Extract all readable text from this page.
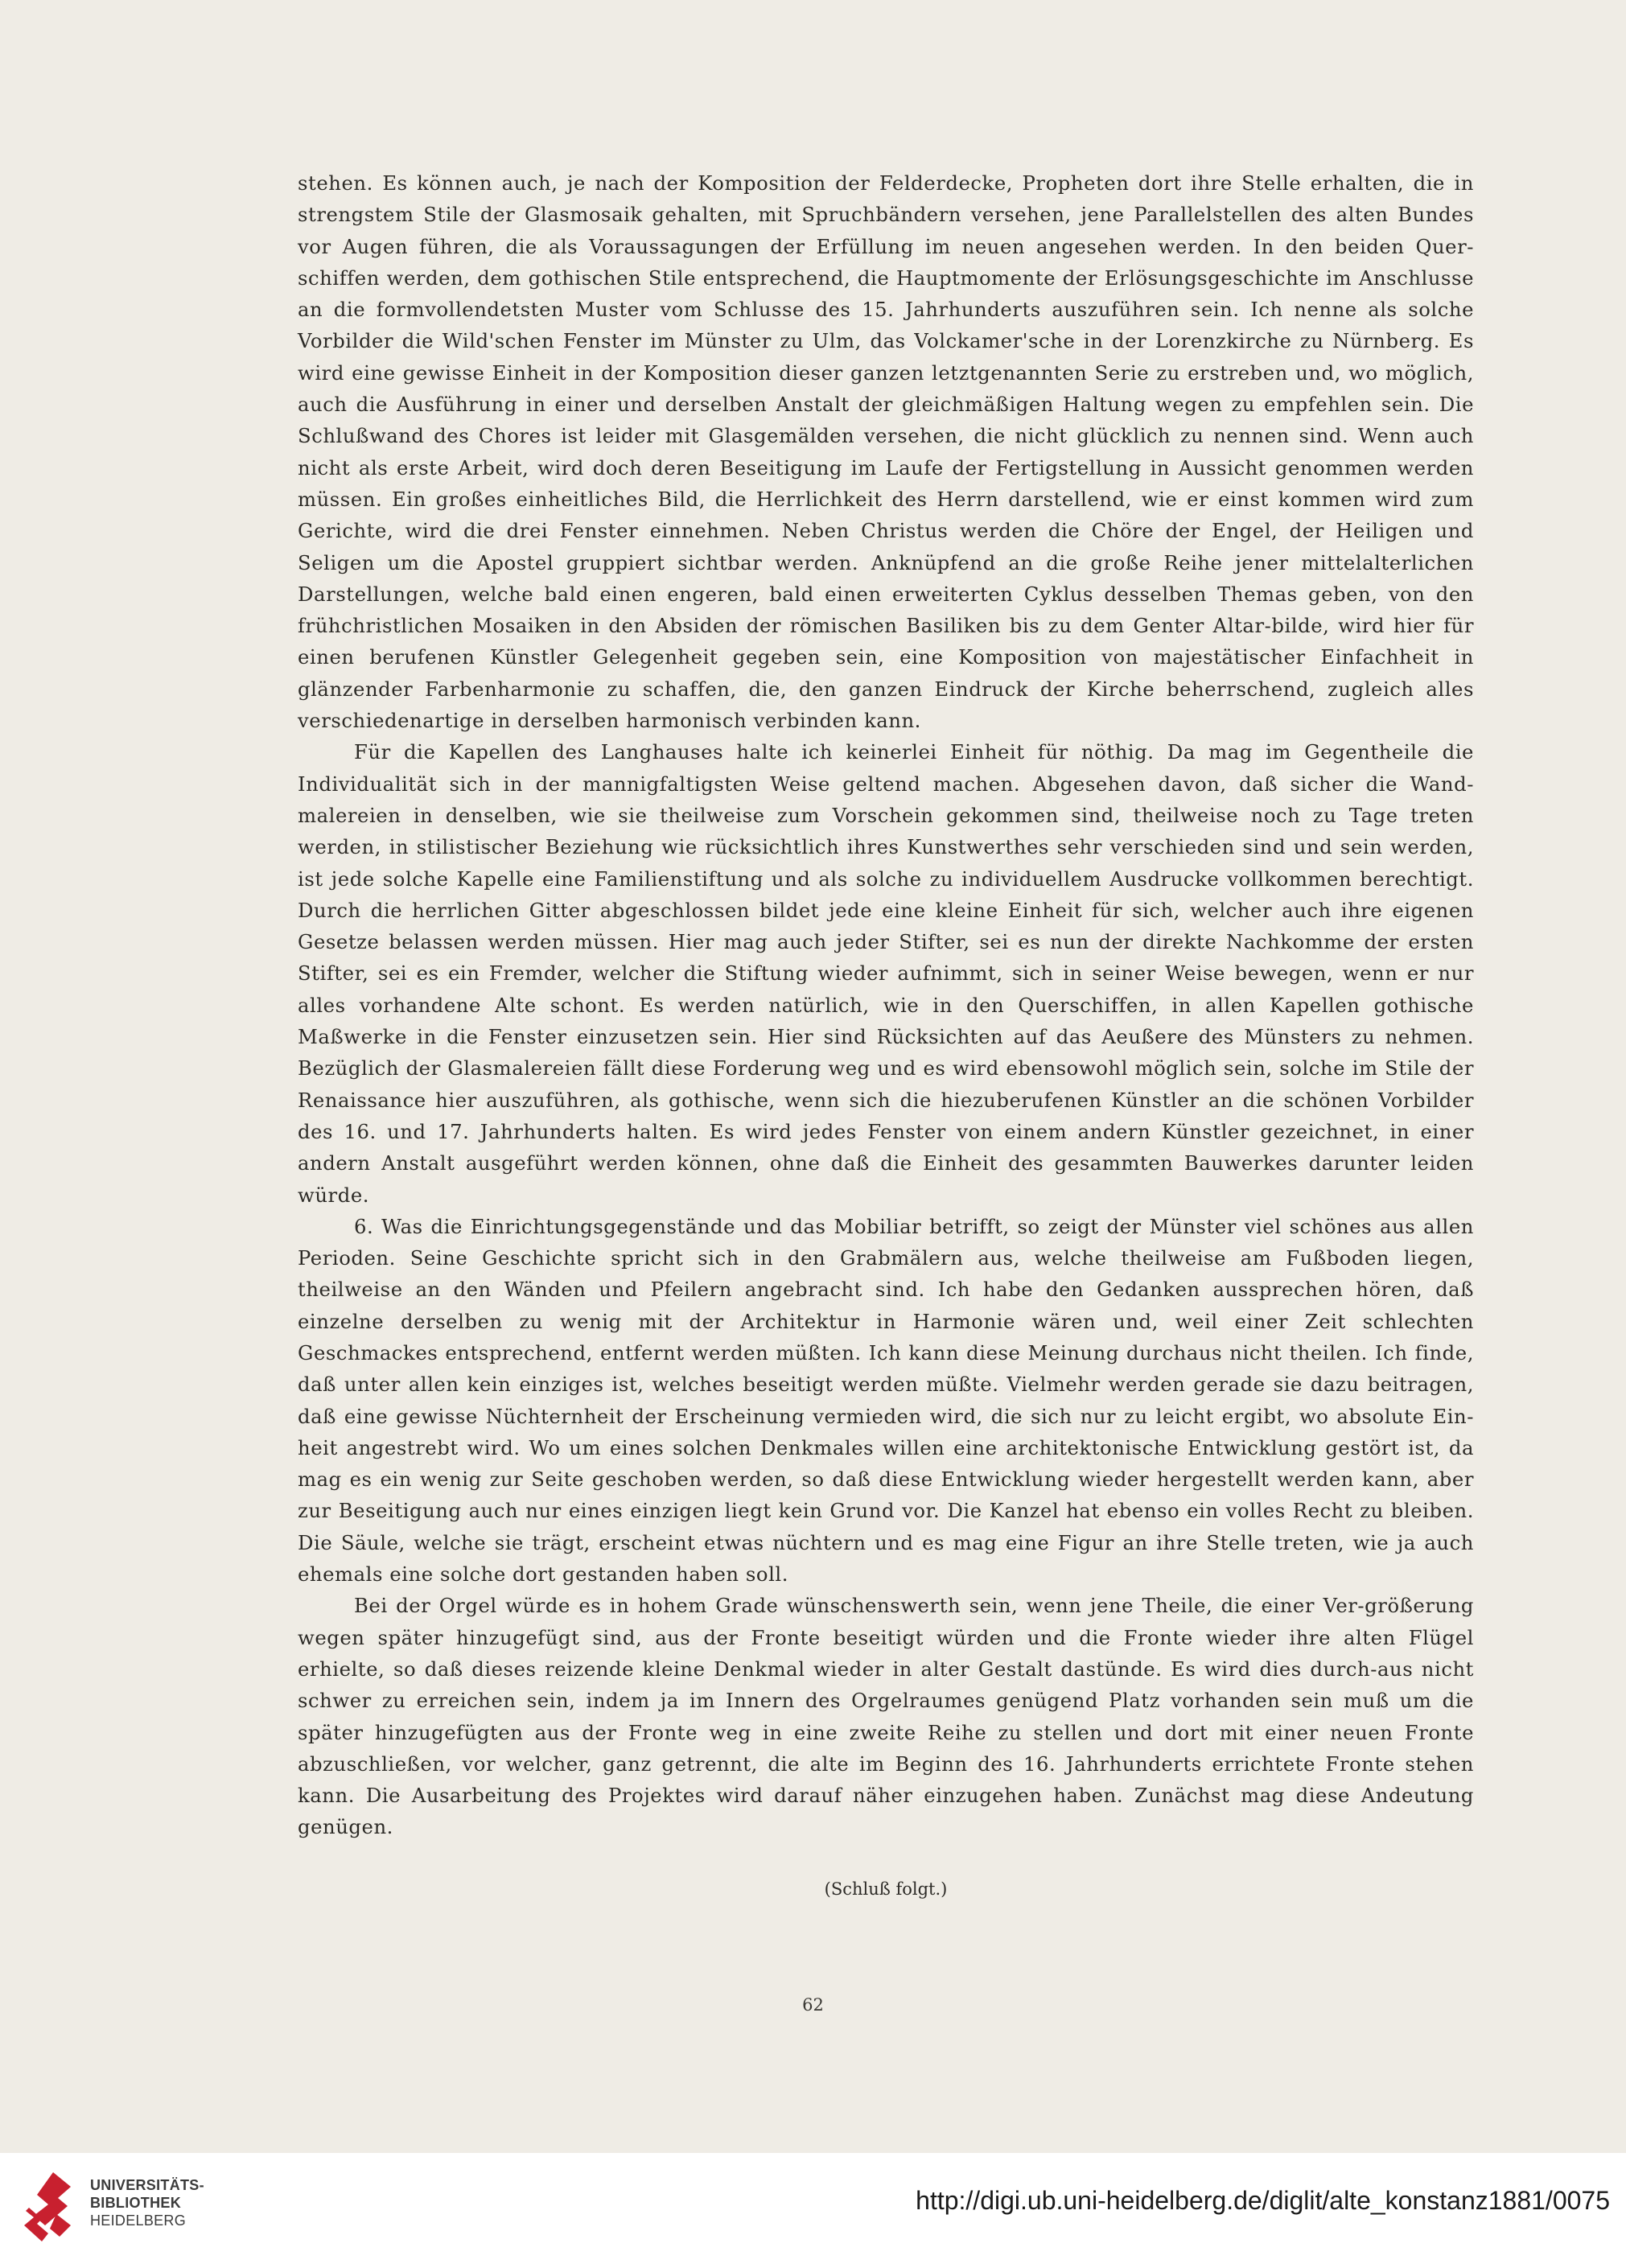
stehen. Es können auch, je nach der Komposition der Felderdecke, Propheten dort ihre Stelle erhalten, die in strengstem Stile der Glasmosaik gehalten, mit Spruchbändern versehen, jene Parallelstellen des alten Bundes vor Augen führen, die als Voraussagungen der Erfüllung im neuen angesehen werden. In den beiden Quer-schiffen werden, dem gothischen Stile entsprechend, die Hauptmomente der Erlösungsgeschichte im Anschlusse an die formvollendetsten Muster vom Schlusse des 15. Jahrhunderts auszuführen sein. Ich nenne als solche Vorbilder die Wild'schen Fenster im Münster zu Ulm, das Volckamer'sche in der Lorenzkirche zu Nürnberg. Es wird eine gewisse Einheit in der Komposition dieser ganzen letztgenannten Serie zu erstreben und, wo möglich, auch die Ausführung in einer und derselben Anstalt der gleichmäßigen Haltung wegen zu empfehlen sein. Die Schlußwand des Chores ist leider mit Glasgemälden versehen, die nicht glücklich zu nennen sind. Wenn auch nicht als erste Arbeit, wird doch deren Beseitigung im Laufe der Fertigstellung in Aussicht genommen werden müssen. Ein großes einheitliches Bild, die Herrlichkeit des Herrn darstellend, wie er einst kommen wird zum Gerichte, wird die drei Fenster einnehmen. Neben Christus werden die Chöre der Engel, der Heiligen und Seligen um die Apostel gruppiert sichtbar werden. Anknüpfend an die große Reihe jener mittelalterlichen Darstellungen, welche bald einen engeren, bald einen erweiterten Cyklus desselben Themas geben, von den frühchristlichen Mosaiken in den Absiden der römischen Basiliken bis zu dem Genter Altar-bilde, wird hier für einen berufenen Künstler Gelegenheit gegeben sein, eine Komposition von majestätischer Einfachheit in glänzender Farbenharmonie zu schaffen, die, den ganzen Eindruck der Kirche beherrschend, zugleich alles verschiedenartige in derselben harmonisch verbinden kann.

Für die Kapellen des Langhauses halte ich keinerlei Einheit für nöthig. Da mag im Gegentheile die Individualität sich in der mannigfaltigsten Weise geltend machen. Abgesehen davon, daß sicher die Wand-malereien in denselben, wie sie theilweise zum Vorschein gekommen sind, theilweise noch zu Tage treten werden, in stilistischer Beziehung wie rücksichtlich ihres Kunstwerthes sehr verschieden sind und sein werden, ist jede solche Kapelle eine Familienstiftung und als solche zu individuellem Ausdrucke vollkommen berechtigt. Durch die herrlichen Gitter abgeschlossen bildet jede eine kleine Einheit für sich, welcher auch ihre eigenen Gesetze belassen werden müssen. Hier mag auch jeder Stifter, sei es nun der direkte Nachkomme der ersten Stifter, sei es ein Fremder, welcher die Stiftung wieder aufnimmt, sich in seiner Weise bewegen, wenn er nur alles vorhandene Alte schont. Es werden natürlich, wie in den Querschiffen, in allen Kapellen gothische Maßwerke in die Fenster einzusetzen sein. Hier sind Rücksichten auf das Aeußere des Münsters zu nehmen. Bezüglich der Glasmalereien fällt diese Forderung weg und es wird ebensowohl möglich sein, solche im Stile der Renaissance hier auszuführen, als gothische, wenn sich die hiezuberufenen Künstler an die schönen Vorbilder des 16. und 17. Jahrhunderts halten. Es wird jedes Fenster von einem andern Künstler gezeichnet, in einer andern Anstalt ausgeführt werden können, ohne daß die Einheit des gesammten Bauwerkes darunter leiden würde.

6. Was die Einrichtungsgegenstände und das Mobiliar betrifft, so zeigt der Münster viel schönes aus allen Perioden. Seine Geschichte spricht sich in den Grabmälern aus, welche theilweise am Fußboden liegen, theilweise an den Wänden und Pfeilern angebracht sind. Ich habe den Gedanken aussprechen hören, daß einzelne derselben zu wenig mit der Architektur in Harmonie wären und, weil einer Zeit schlechten Geschmackes entsprechend, entfernt werden müßten. Ich kann diese Meinung durchaus nicht theilen. Ich finde, daß unter allen kein einziges ist, welches beseitigt werden müßte. Vielmehr werden gerade sie dazu beitragen, daß eine gewisse Nüchternheit der Erscheinung vermieden wird, die sich nur zu leicht ergibt, wo absolute Ein-heit angestrebt wird. Wo um eines solchen Denkmales willen eine architektonische Entwicklung gestört ist, da mag es ein wenig zur Seite geschoben werden, so daß diese Entwicklung wieder hergestellt werden kann, aber zur Beseitigung auch nur eines einzigen liegt kein Grund vor. Die Kanzel hat ebenso ein volles Recht zu bleiben. Die Säule, welche sie trägt, erscheint etwas nüchtern und es mag eine Figur an ihre Stelle treten, wie ja auch ehemals eine solche dort gestanden haben soll.

Bei der Orgel würde es in hohem Grade wünschenswerth sein, wenn jene Theile, die einer Ver-größerung wegen später hinzugefügt sind, aus der Fronte beseitigt würden und die Fronte wieder ihre alten Flügel erhielte, so daß dieses reizende kleine Denkmal wieder in alter Gestalt dastünde. Es wird dies durch-aus nicht schwer zu erreichen sein, indem ja im Innern des Orgelraumes genügend Platz vorhanden sein muß um die später hinzugefügten aus der Fronte weg in eine zweite Reihe zu stellen und dort mit einer neuen Fronte abzuschließen, vor welcher, ganz getrennt, die alte im Beginn des 16. Jahrhunderts errichtete Fronte stehen kann. Die Ausarbeitung des Projektes wird darauf näher einzugehen haben. Zunächst mag diese Andeutung genügen.

(Schluß folgt.)
62
UNIVERSITÄTS-
BIBLIOTHEK
HEIDELBERG
http://digi.ub.uni-heidelberg.de/diglit/alte_konstanz1881/0075
